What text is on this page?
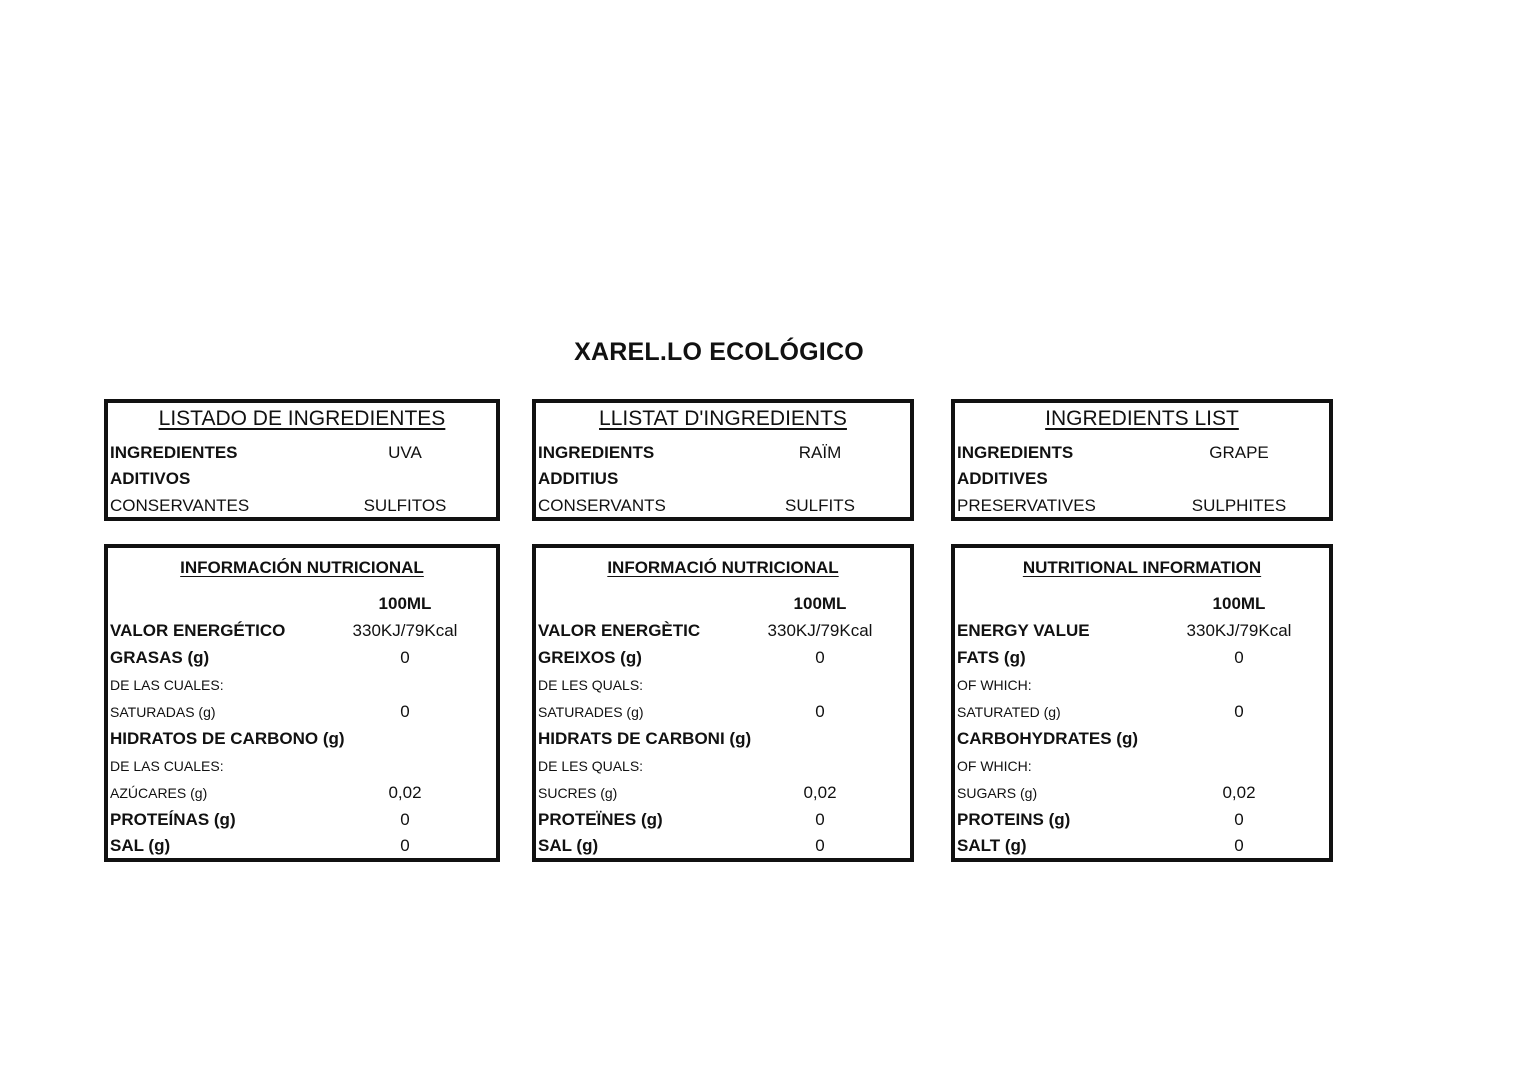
XAREL.LO ECOLÓGICO
LISTADO DE INGREDIENTES
INGREDIENTES	UVA
ADITIVOS
CONSERVANTES	SULFITOS
LLISTAT D'INGREDIENTS
INGREDIENTS	RAÏM
ADDITIUS
CONSERVANTS	SULFITS
INGREDIENTS LIST
INGREDIENTS	GRAPE
ADDITIVES
PRESERVATIVES	SULPHITES
INFORMACIÓN NUTRICIONAL
100ML
VALOR ENERGÉTICO	330KJ/79Kcal
GRASAS (g)	0
DE LAS CUALES:
SATURADAS (g)	0
HIDRATOS DE CARBONO (g)
DE LAS CUALES:
AZÚCARES (g)	0,02
PROTEÍNAS (g)	0
SAL (g)	0
INFORMACIÓ NUTRICIONAL
100ML
VALOR ENERGÈTIC	330KJ/79Kcal
GREIXOS (g)	0
DE LES QUALS:
SATURADES (g)	0
HIDRATS DE CARBONI (g)
DE LES QUALS:
SUCRES (g)	0,02
PROTEÏNES (g)	0
SAL (g)	0
NUTRITIONAL INFORMATION
100ML
ENERGY VALUE	330KJ/79Kcal
FATS (g)	0
OF WHICH:
SATURATED (g)	0
CARBOHYDRATES (g)
OF WHICH:
SUGARS (g)	0,02
PROTEINS (g)	0
SALT (g)	0
